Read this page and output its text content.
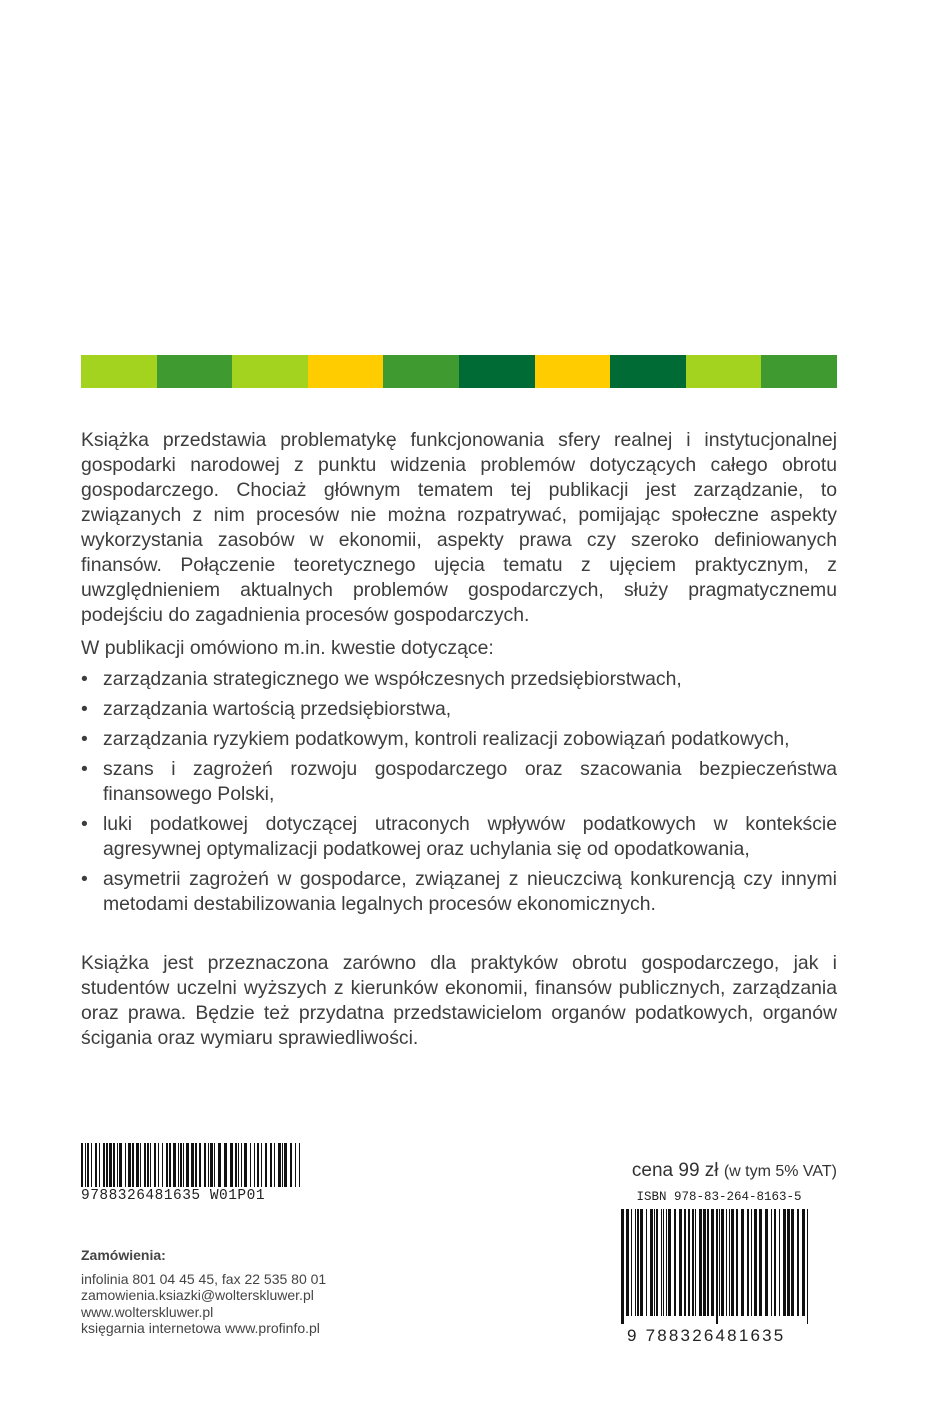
Książka przedstawia problematykę funkcjonowania sfery realnej i instytucjonalnej gospodarki narodowej z punktu widzenia problemów dotyczących całego obrotu gospodarczego. Chociaż głównym tematem tej publikacji jest zarządzanie, to związanych z nim procesów nie można rozpatrywać, pomijając społeczne aspekty wykorzystania zasobów w ekonomii, aspekty prawa czy szeroko definiowanych finansów. Połączenie teoretycznego ujęcia tematu z ujęciem praktycznym, z uwzględnieniem aktualnych problemów gospodarczych, służy pragmatycznemu podejściu do zagadnienia procesów gospodarczych.

W publikacji omówiono m.in. kwestie dotyczące:

• zarządzania strategicznego we współczesnych przedsiębiorstwach,
• zarządzania wartością przedsiębiorstwa,
• zarządzania ryzykiem podatkowym, kontroli realizacji zobowiązań podatkowych,
• szans i zagrożeń rozwoju gospodarczego oraz szacowania bezpieczeństwa finansowego Polski,
• luki podatkowej dotyczącej utraconych wpływów podatkowych w kontekście agresywnej optymalizacji podatkowej oraz uchylania się od opodatkowania,
• asymetrii zagrożeń w gospodarce, związanej z nieuczciwą konkurencją czy innymi metodami destabilizowania legalnych procesów ekonomicznych.

Książka jest przeznaczona zarówno dla praktyków obrotu gospodarczego, jak i studentów uczelni wyższych z kierunków ekonomii, finansów publicznych, zarządzania oraz prawa. Będzie też przydatna przedstawicielom organów podatkowych, organów ścigania oraz wymiaru sprawiedliwości.

9788326481635 W01P01
Zamówienia:
infolinia 801 04 45 45, fax 22 535 80 01
zamowienia.ksiazki@wolterskluwer.pl
www.wolterskluwer.pl
księgarnia internetowa www.profinfo.pl
cena 99 zł (w tym 5% VAT)
ISBN 978-83-264-8163-5
9 788326481635
